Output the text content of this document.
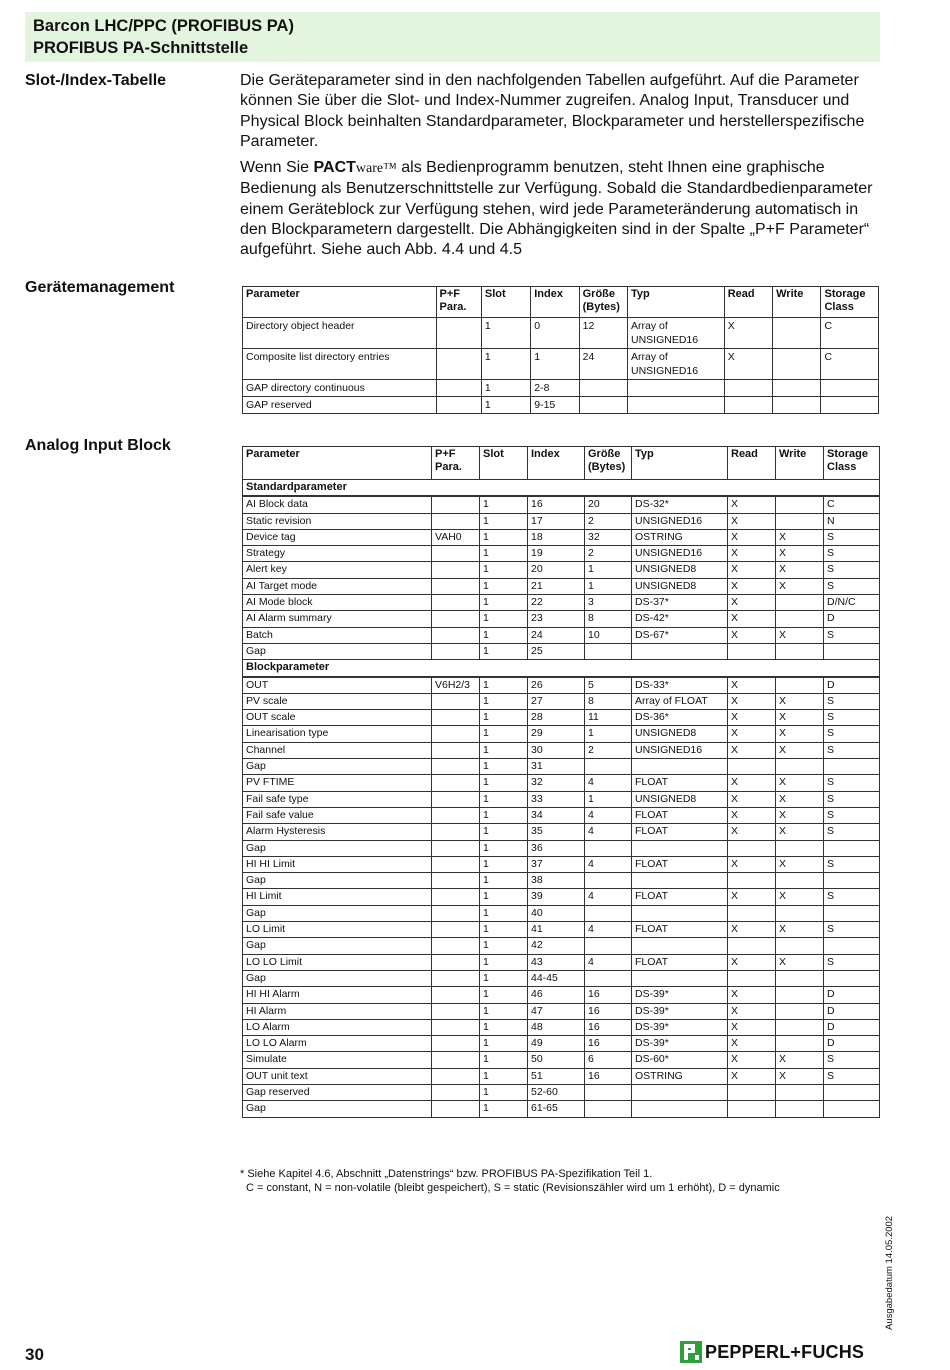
Barcon LHC/PPC (PROFIBUS PA)
PROFIBUS PA-Schnittstelle
Slot-/Index-Tabelle
Gerätemanagement
Analog Input Block

Die Geräteparameter sind in den nachfolgenden Tabellen aufgeführt. Auf die Parameter können Sie über die Slot- und Index-Nummer zugreifen. Analog Input, Transducer und Physical Block beinhalten Standardparameter, Blockparameter und herstellerspezifische Parameter.

Wenn Sie PACTware™ als Bedienprogramm benutzen, steht Ihnen eine graphische Bedienung als Benutzerschnittstelle zur Verfügung. Sobald die Standardbedienparameter einem Geräteblock zur Verfügung stehen, wird jede Parameteränderung automatisch in den Blockparametern dargestellt. Die Abhängigkeiten sind in der Spalte „P+F Parameter“ aufgeführt. Siehe auch Abb. 4.4 und 4.5

Parameter	P+F Para.	Slot	Index	Größe (Bytes)	Typ	Read	Write	Storage Class
Directory object header		1	0	12	Array of UNSIGNED16	X		C
Composite list directory entries		1	1	24	Array of UNSIGNED16	X		C
GAP directory continuous		1	2-8					
GAP reserved		1	9-15					
Parameter	P+F Para.	Slot	Index	Größe (Bytes)	Typ	Read	Write	Storage Class
Standardparameter								
AI Block data		1	16	20	DS-32*	X		C
Static revision		1	17	2	UNSIGNED16	X		N
Device tag	VAH0	1	18	32	OSTRING	X	X	S
Strategy		1	19	2	UNSIGNED16	X	X	S
Alert key		1	20	1	UNSIGNED8	X	X	S
AI Target mode		1	21	1	UNSIGNED8	X	X	S
AI Mode block		1	22	3	DS-37*	X		D/N/C
AI Alarm summary		1	23	8	DS-42*	X		D
Batch		1	24	10	DS-67*	X	X	S
Gap		1	25					
Blockparameter								
OUT	V6H2/3	1	26	5	DS-33*	X		D
PV scale		1	27	8	Array of FLOAT	X	X	S
OUT scale		1	28	11	DS-36*	X	X	S
Linearisation type		1	29	1	UNSIGNED8	X	X	S
Channel		1	30	2	UNSIGNED16	X	X	S
Gap		1	31					
PV FTIME		1	32	4	FLOAT	X	X	S
Fail safe type		1	33	1	UNSIGNED8	X	X	S
Fail safe value		1	34	4	FLOAT	X	X	S
Alarm Hysteresis		1	35	4	FLOAT	X	X	S
Gap		1	36					
HI HI Limit		1	37	4	FLOAT	X	X	S
Gap		1	38					
HI Limit		1	39	4	FLOAT	X	X	S
Gap		1	40					
LO Limit		1	41	4	FLOAT	X	X	S
Gap		1	42					
LO LO Limit		1	43	4	FLOAT	X	X	S
Gap		1	44-45					
HI HI Alarm		1	46	16	DS-39*	X		D
HI Alarm		1	47	16	DS-39*	X		D
LO Alarm		1	48	16	DS-39*	X		D
LO LO Alarm		1	49	16	DS-39*	X		D
Simulate		1	50	6	DS-60*	X	X	S
OUT unit text		1	51	16	OSTRING	X	X	S
Gap reserved		1	52-60					
Gap		1	61-65					
* Siehe Kapitel 4.6, Abschnitt „Datenstrings“ bzw. PROFIBUS PA-Spezifikation Teil 1.
C = constant, N = non-volatile (bleibt gespeichert), S = static (Revisionszähler wird um 1 erhöht), D = dynamic
Ausgabedatum 14.05.2002
30	PEPPERL+FUCHS
